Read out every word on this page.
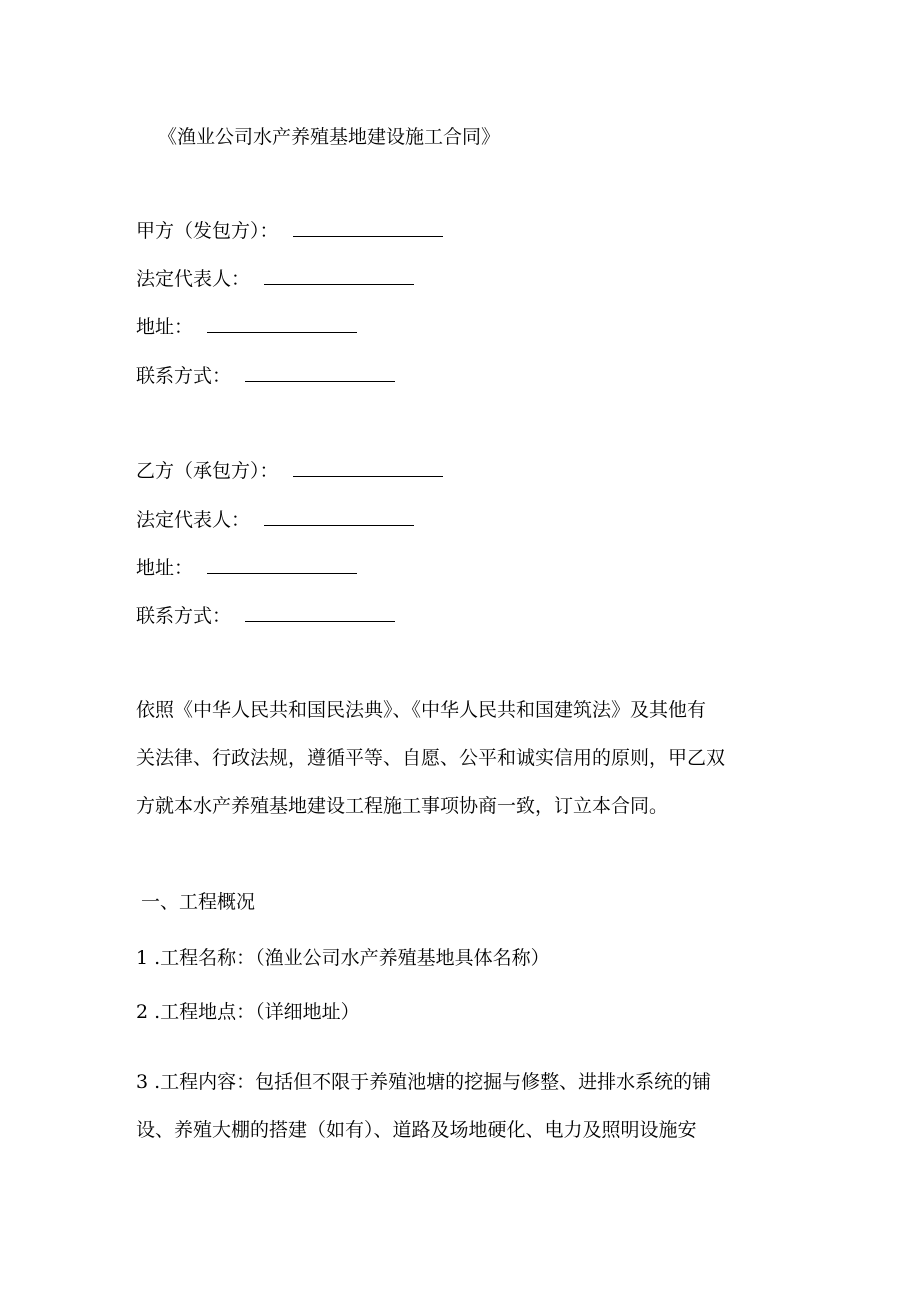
《渔业公司水产养殖基地建设施工合同》
甲方（发包方）：
法定代表人：
地址：
联系方式：
乙方（承包方）：
法定代表人：
地址：
联系方式：
依照《中华人民共和国民法典》、《中华人民共和国建筑法》及其他有
关法律、行政法规，遵循平等、自愿、公平和诚实信用的原则，甲乙双
方就本水产养殖基地建设工程施工事项协商一致，订立本合同。
一、工程概况
1 .工程名称：（渔业公司水产养殖基地具体名称）
2 .工程地点：（详细地址）
3 .工程内容：包括但不限于养殖池塘的挖掘与修整、进排水系统的铺
设、养殖大棚的搭建（如有）、道路及场地硬化、电力及照明设施安
